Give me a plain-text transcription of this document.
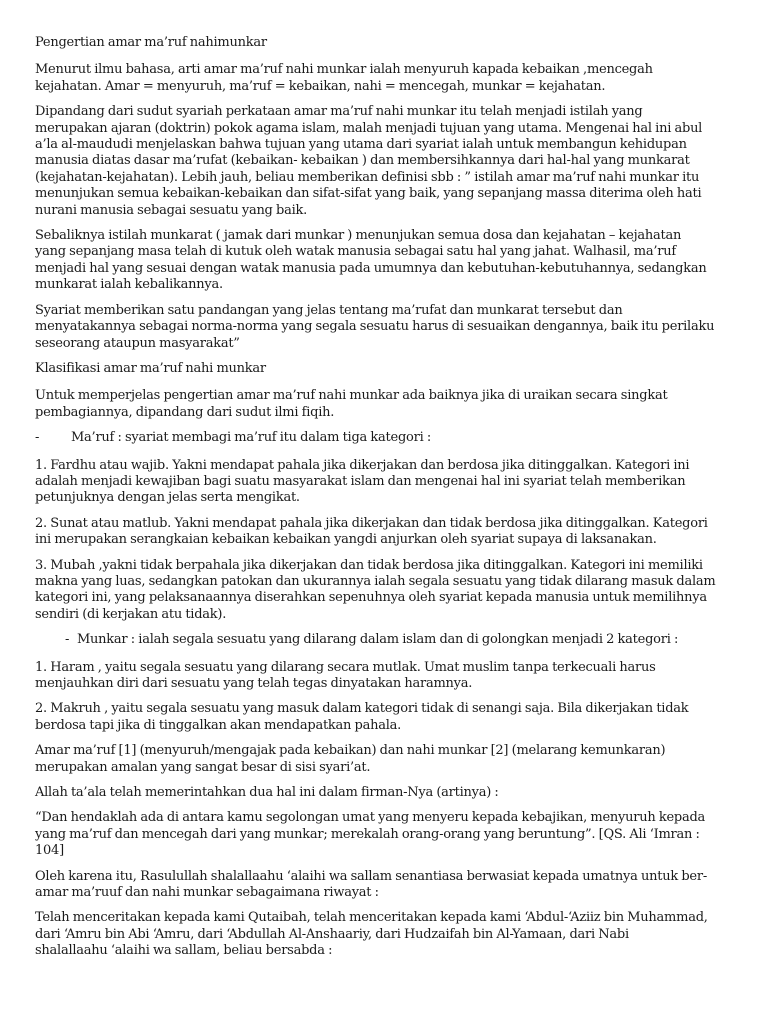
Pengertian amar ma’ruf nahimunkar

Menurut ilmu bahasa, arti amar ma’ruf nahi munkar ialah menyuruh kapada kebaikan ,mencegah
kejahatan. Amar = menyuruh, ma’ruf = kebaikan, nahi = mencegah, munkar = kejahatan.

Dipandang dari sudut syariah perkataan amar ma’ruf nahi munkar itu telah menjadi istilah yang
merupakan ajaran (doktrin) pokok agama islam, malah menjadi tujuan yang utama. Mengenai hal ini abul
a’la al-maududi menjelaskan bahwa tujuan yang utama dari syariat ialah untuk membangun kehidupan
manusia diatas dasar ma’rufat (kebaikan- kebaikan ) dan membersihkannya dari hal-hal yang munkarat
(kejahatan-kejahatan). Lebih jauh, beliau memberikan definisi sbb : ” istilah amar ma’ruf nahi munkar itu
menunjukan semua kebaikan-kebaikan dan sifat-sifat yang baik, yang sepanjang massa diterima oleh hati
nurani manusia sebagai sesuatu yang baik.

Sebaliknya istilah munkarat ( jamak dari munkar ) menunjukan semua dosa dan kejahatan – kejahatan
yang sepanjang masa telah di kutuk oleh watak manusia sebagai satu hal yang jahat. Walhasil, ma’ruf
menjadi hal yang sesuai dengan watak manusia pada umumnya dan kebutuhan-kebutuhannya, sedangkan
munkarat ialah kebalikannya.

Syariat memberikan satu pandangan yang jelas tentang ma’rufat dan munkarat tersebut dan
menyatakannya sebagai norma-norma yang segala sesuatu harus di sesuaikan dengannya, baik itu perilaku
seseorang ataupun masyarakat”

Klasifikasi amar ma’ruf nahi munkar

Untuk memperjelas pengertian amar ma’ruf nahi munkar ada baiknya jika di uraikan secara singkat
pembagiannya, dipandang dari sudut ilmi fiqih.

- Ma’ruf : syariat membagi ma’ruf itu dalam tiga kategori :

1. Fardhu atau wajib. Yakni mendapat pahala jika dikerjakan dan berdosa jika ditinggalkan. Kategori ini
adalah menjadi kewajiban bagi suatu masyarakat islam dan mengenai hal ini syariat telah memberikan
petunjuknya dengan jelas serta mengikat.

2. Sunat atau matlub. Yakni mendapat pahala jika dikerjakan dan tidak berdosa jika ditinggalkan. Kategori
ini merupakan serangkaian kebaikan kebaikan yangdi anjurkan oleh syariat supaya di laksanakan.

3. Mubah ,yakni tidak berpahala jika dikerjakan dan tidak berdosa jika ditinggalkan. Kategori ini memiliki
makna yang luas, sedangkan patokan dan ukurannya ialah segala sesuatu yang tidak dilarang masuk dalam
kategori ini, yang pelaksanaannya diserahkan sepenuhnya oleh syariat kepada manusia untuk memilihnya
sendiri (di kerjakan atu tidak).

- Munkar : ialah segala sesuatu yang dilarang dalam islam dan di golongkan menjadi 2 kategori :

1. Haram , yaitu segala sesuatu yang dilarang secara mutlak. Umat muslim tanpa terkecuali harus
menjauhkan diri dari sesuatu yang telah tegas dinyatakan haramnya.

2. Makruh , yaitu segala sesuatu yang masuk dalam kategori tidak di senangi saja. Bila dikerjakan tidak
berdosa tapi jika di tinggalkan akan mendapatkan pahala.

Amar ma’ruf [1] (menyuruh/mengajak pada kebaikan) dan nahi munkar [2] (melarang kemunkaran)
merupakan amalan yang sangat besar di sisi syari’at.

Allah ta’ala telah memerintahkan dua hal ini dalam firman-Nya (artinya) :

“Dan hendaklah ada di antara kamu segolongan umat yang menyeru kepada kebajikan, menyuruh kepada
yang ma’ruf dan mencegah dari yang munkar; merekalah orang-orang yang beruntung”. [QS. Ali ‘Imran :
104]

Oleh karena itu, Rasulullah shalallaahu ‘alaihi wa sallam senantiasa berwasiat kepada umatnya untuk ber-
amar ma’ruuf dan nahi munkar sebagaimana riwayat :

Telah menceritakan kepada kami Qutaibah, telah menceritakan kepada kami ‘Abdul-‘Aziiz bin Muhammad,
dari ‘Amru bin Abi ‘Amru, dari ‘Abdullah Al-Anshaariy, dari Hudzaifah bin Al-Yamaan, dari Nabi
shalallaahu ‘alaihi wa sallam, beliau bersabda :
